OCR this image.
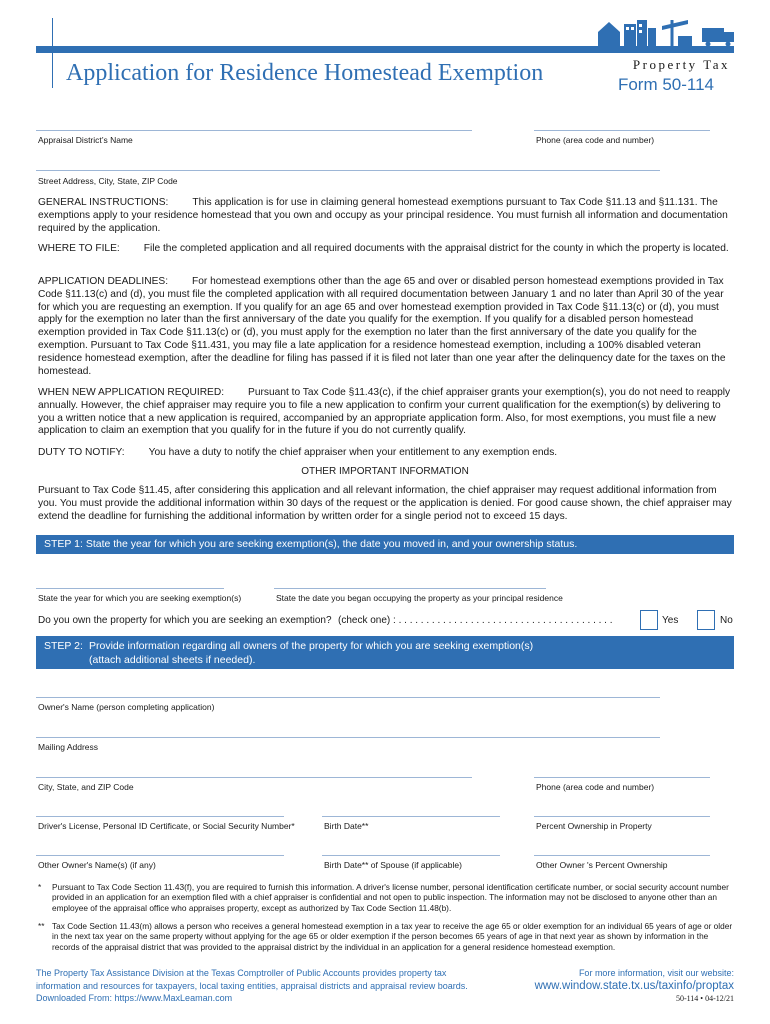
Application for Residence Homestead Exemption	Property Tax
Form 50-114
Appraisal District’s Name	Phone (area code and number)
Street Address, City, State, ZIP Code

GENERAL INSTRUCTIONS: This application is for use in claiming general homestead exemptions pursuant to Tax Code §11.13 and §11.131. The exemptions apply to your residence homestead that you own and occupy as your principal residence. You must furnish all information and documentation required by the application.

WHERE TO FILE: File the completed application and all required documents with the appraisal district for the county in which the property is located.

APPLICATION DEADLINES: For homestead exemptions other than the age 65 and over or disabled person homestead exemptions provided in Tax Code §11.13(c) and (d), you must file the completed application with all required documentation between January 1 and no later than April 30 of the year for which you are requesting an exemption. If you qualify for an age 65 and over homestead exemption provided in Tax Code §11.13(c) or (d), you must apply for the exemption no later than the first anniversary of the date you qualify for the exemption. If you qualify for a disabled person homestead exemption provided in Tax Code §11.13(c) or (d), you must apply for the exemption no later than the first anniversary of the date you qualify for the exemption. Pursuant to Tax Code §11.431, you may file a late application for a residence homestead exemption, including a 100% disabled veteran residence homestead exemption, after the deadline for filing has passed if it is filed not later than one year after the delinquency date for the taxes on the homestead.

WHEN NEW APPLICATION REQUIRED: Pursuant to Tax Code §11.43(c), if the chief appraiser grants your exemption(s), you do not need to reapply annually. However, the chief appraiser may require you to file a new application to confirm your current qualification for the exemption(s) by delivering to you a written notice that a new application is required, accompanied by an appropriate application form. Also, for most exemptions, you must file a new application to claim an exemption that you qualify for in the future if you do not currently qualify.

DUTY TO NOTIFY: You have a duty to notify the chief appraiser when your entitlement to any exemption ends.

OTHER IMPORTANT INFORMATION

Pursuant to Tax Code §11.45, after considering this application and all relevant information, the chief appraiser may request additional information from you. You must provide the additional information within 30 days of the request or the application is denied. For good cause shown, the chief appraiser may extend the deadline for furnishing the additional information by written order for a single period not to exceed 15 days.

STEP 1: State the year for which you are seeking exemption(s), the date you moved in, and your ownership status.
State the year for which you are seeking exemption(s)	State the date you began occupying the property as your principal residence
Do you own the property for which you are seeking an exemption? (check one) : . . . . . . . . . . . . . . . . . . . . . . . . . . . . . . . . . . . . . . .	Yes	No
STEP 2: Provide information regarding all owners of the property for which you are seeking exemption(s)
(attach additional sheets if needed).
Owner's Name (person completing application)
Mailing Address
City, State, and ZIP Code	Phone (area code and number)
Driver's License, Personal ID Certificate, or Social Security Number*	Birth Date**	Percent Ownership in Property
Other Owner's Name(s) (if any)	Birth Date** of Spouse (if applicable)	Other Owner 's Percent Ownership
* Pursuant to Tax Code Section 11.43(f), you are required to furnish this information. A driver's license number, personal identification certificate number, or social security account number provided in an application for an exemption filed with a chief appraiser is confidential and not open to public inspection. The information may not be disclosed to anyone other than an employee of the appraisal office who appraises property, except as authorized by Tax Code Section 11.48(b).
** Tax Code Section 11.43(m) allows a person who receives a general homestead exemption in a tax year to receive the age 65 or older exemption for an individual 65 years of age or older in the next tax year on the same property without applying for the age 65 or older exemption if the person becomes 65 years of age in that next year as shown by information in the records of the appraisal district that was provided to the appraisal district by the individual in an application for a general residence homestead exemption.
The Property Tax Assistance Division at the Texas Comptroller of Public Accounts provides property tax
information and resources for taxpayers, local taxing entities, appraisal districts and appraisal review boards.
Downloaded From: https://www.MaxLeaman.com
For more information, visit our website:
www.window.state.tx.us/taxinfo/proptax
50-114 • 04-12/21
